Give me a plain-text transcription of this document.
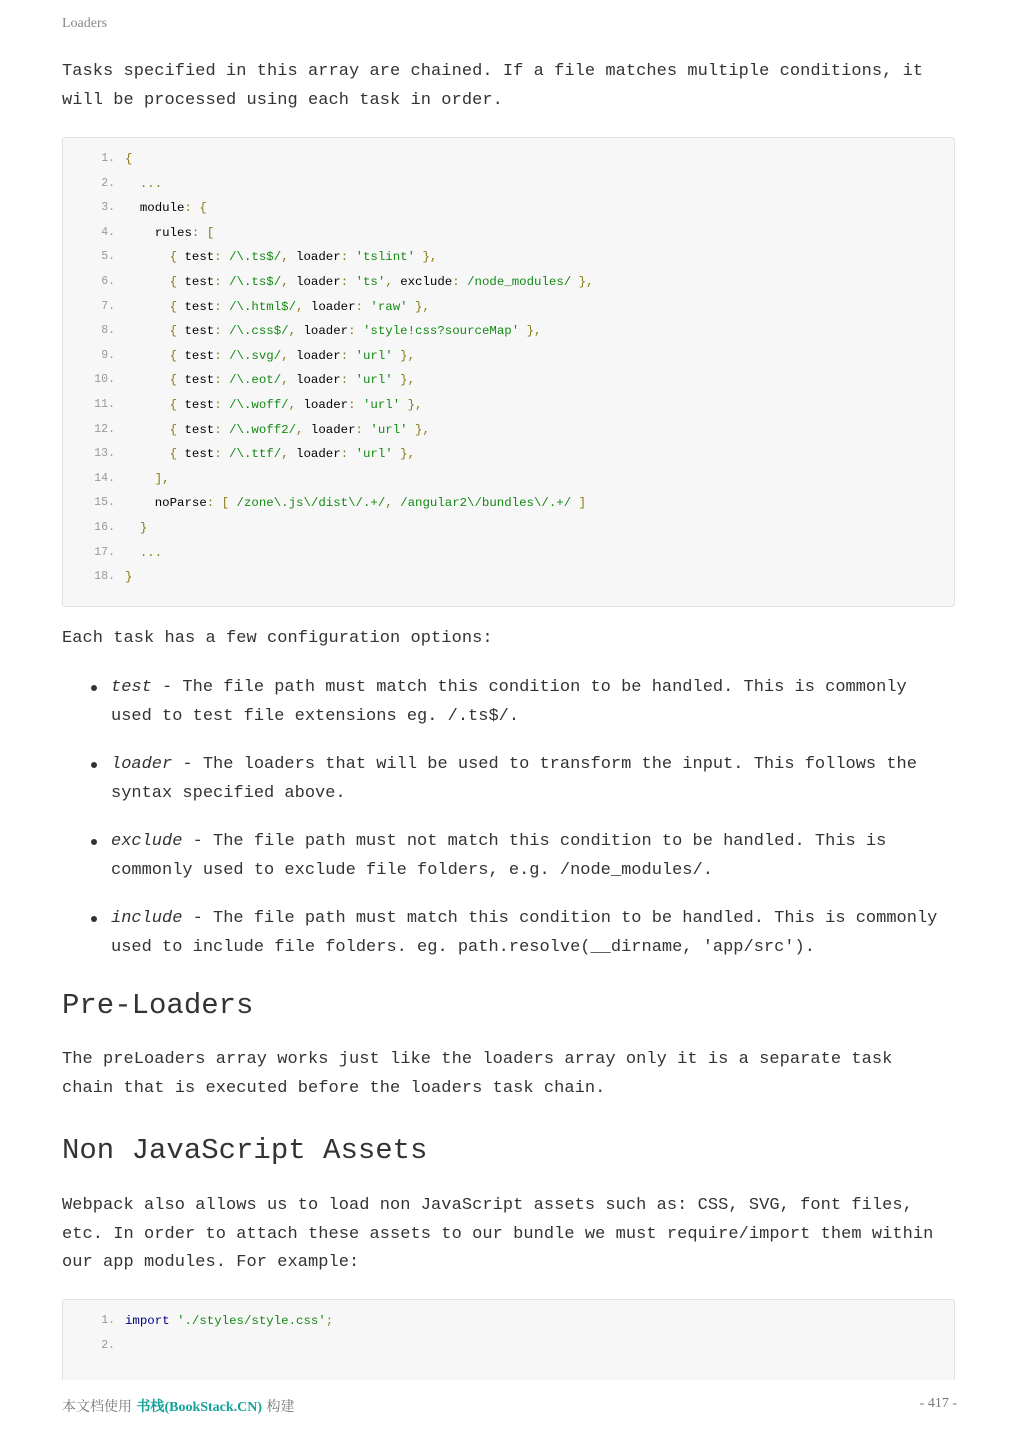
Loaders

Tasks specified in this array are chained. If a file matches multiple conditions, it will be processed using each task in order.

1. {
2. ...
3. module: {
4. rules: [
5. { test: /\.ts$/, loader: 'tslint' },
6. { test: /\.ts$/, loader: 'ts', exclude: /node_modules/ },
7. { test: /\.html$/, loader: 'raw' },
8. { test: /\.css$/, loader: 'style!css?sourceMap' },
9. { test: /\.svg/, loader: 'url' },
10. { test: /\.eot/, loader: 'url' },
11. { test: /\.woff/, loader: 'url' },
12. { test: /\.woff2/, loader: 'url' },
13. { test: /\.ttf/, loader: 'url' },
14. ],
15. noParse: [ /zone\.js\/dist\/.+/, /angular2\/bundles\/.+/ ]
16. }
17. ...
18. }

Each task has a few configuration options:

test - The file path must match this condition to be handled. This is commonly used to test file extensions eg. /.ts$/.
loader - The loaders that will be used to transform the input. This follows the syntax specified above.
exclude - The file path must not match this condition to be handled. This is commonly used to exclude file folders, e.g. /node_modules/.
include - The file path must match this condition to be handled. This is commonly used to include file folders. eg. path.resolve(__dirname, 'app/src').
Pre-Loaders

The preLoaders array works just like the loaders array only it is a separate task chain that is executed before the loaders task chain.

Non JavaScript Assets

Webpack also allows us to load non JavaScript assets such as: CSS, SVG, font files, etc. In order to attach these assets to our bundle we must require/import them within our app modules. For example:

1. import './styles/style.css';
2.
本文档使用 书栈(BookStack.CN) 构建	- 417 -
